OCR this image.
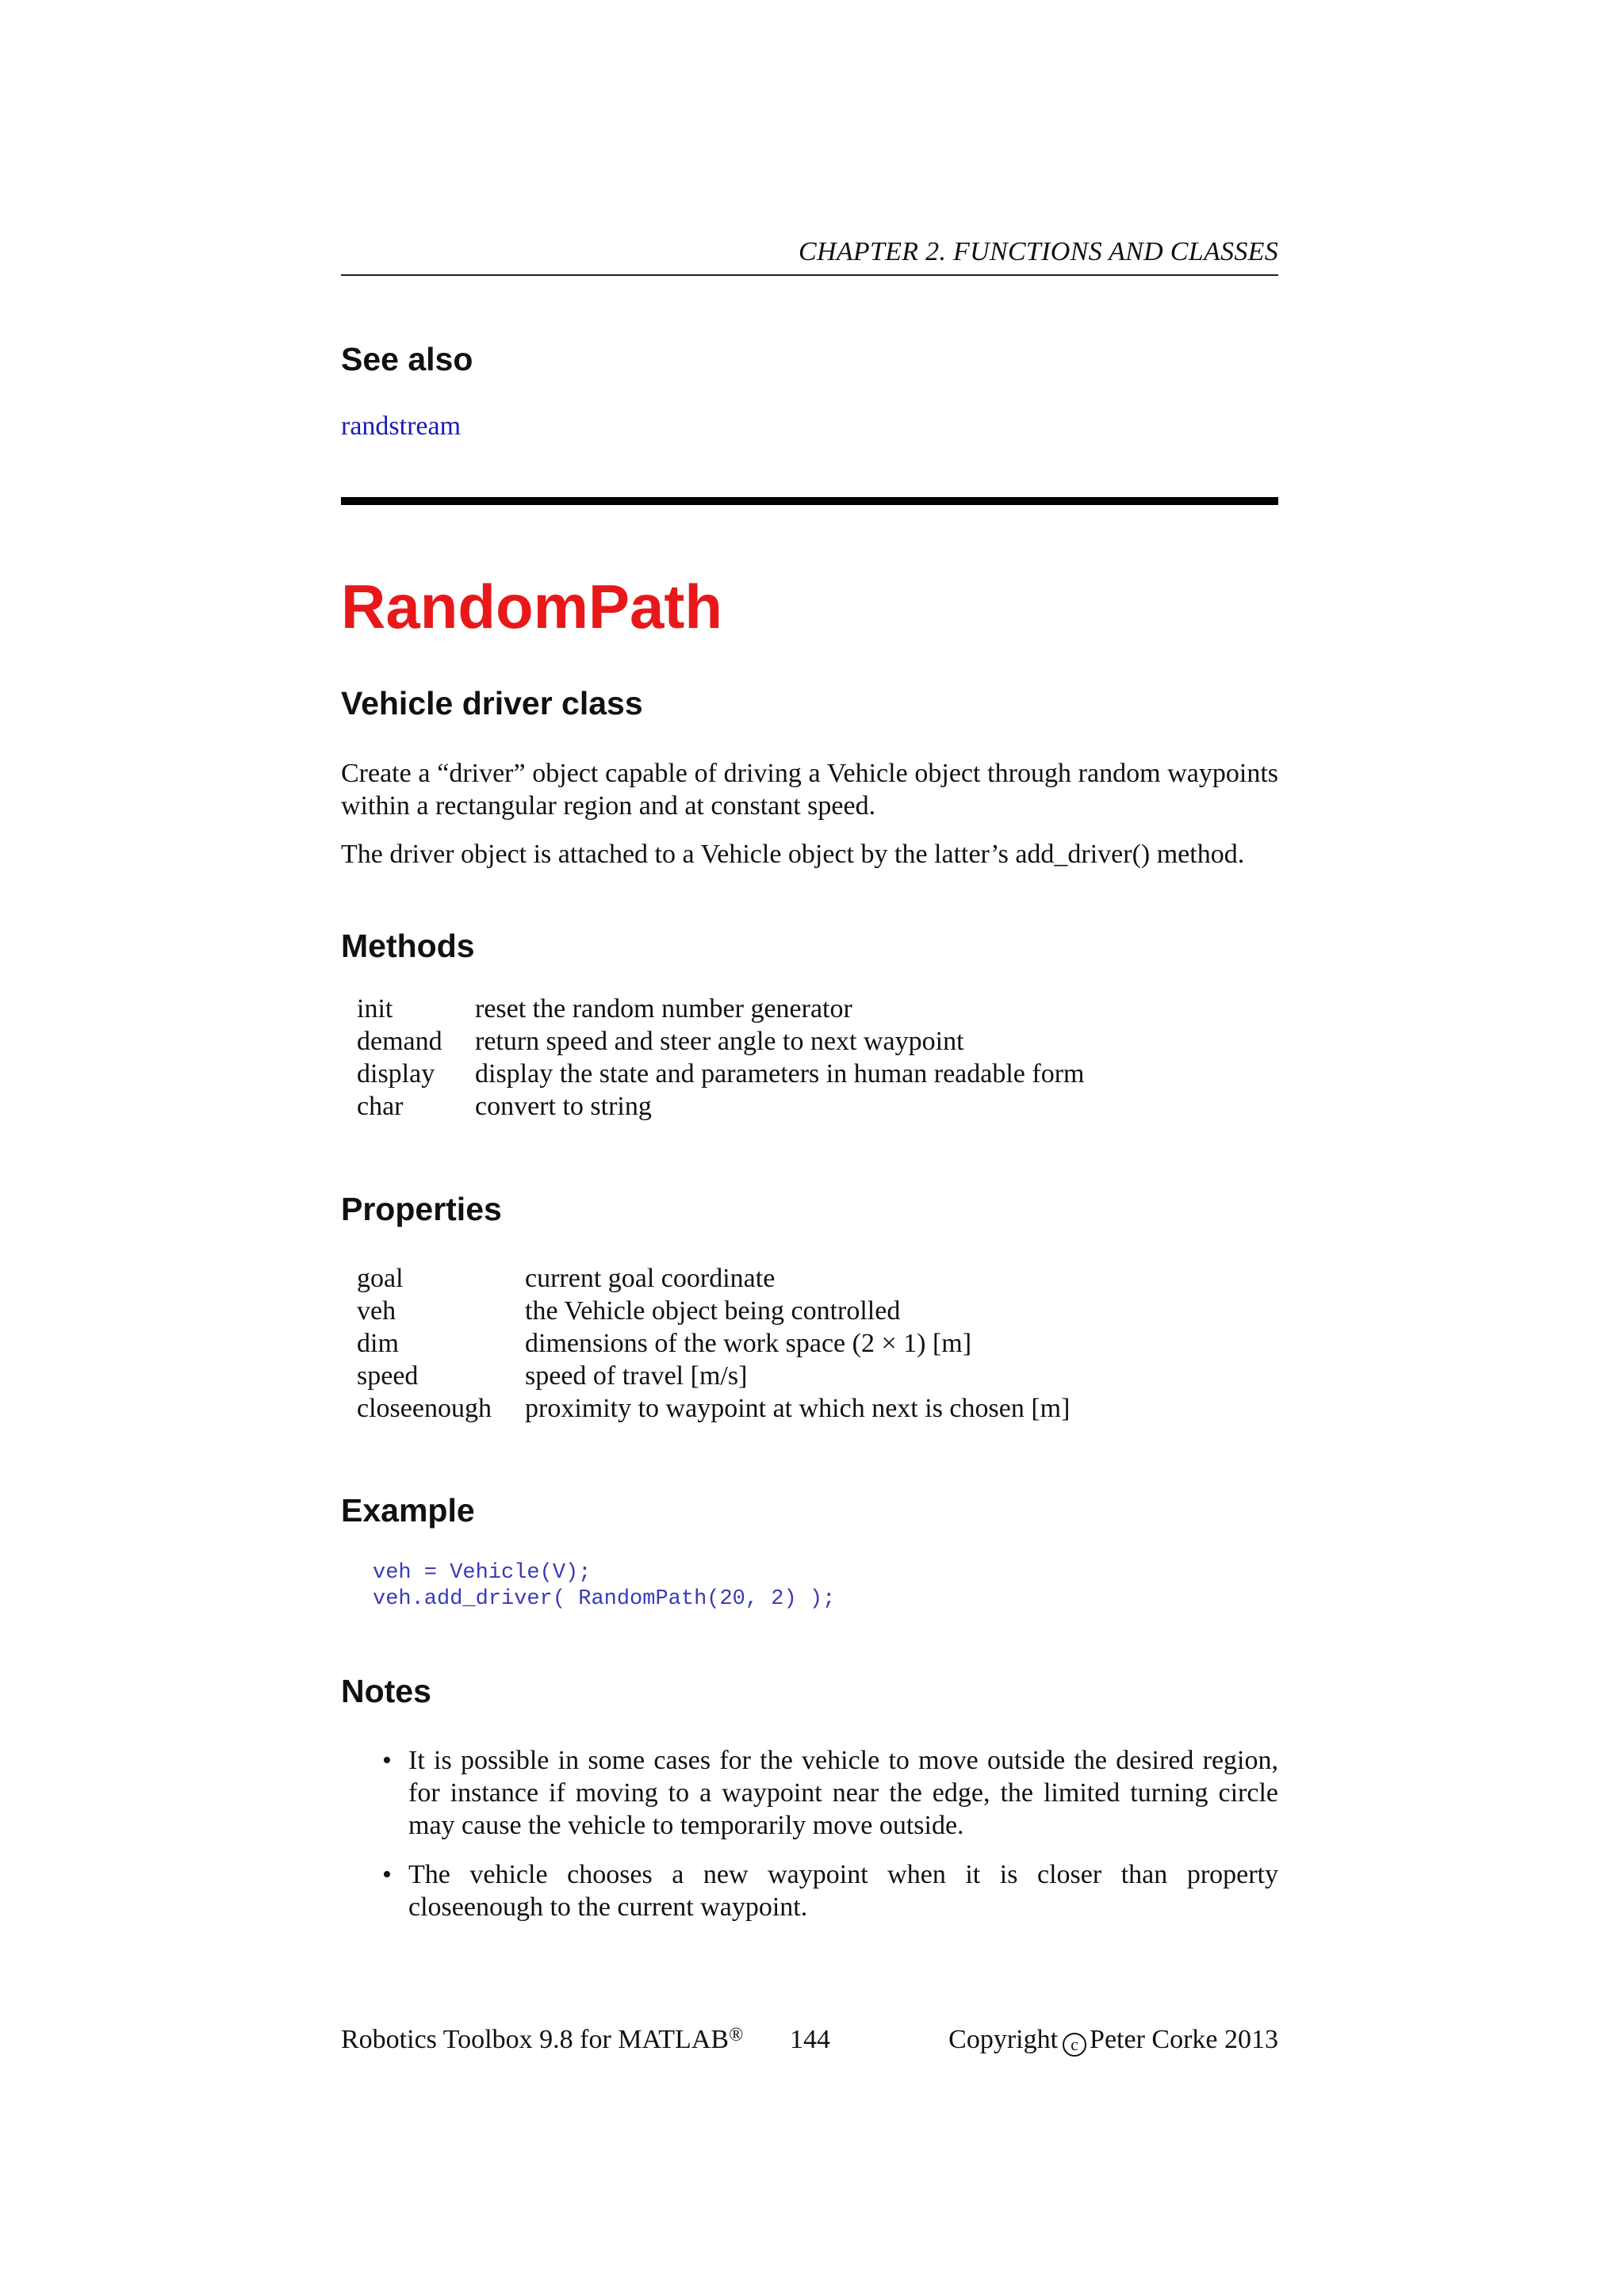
CHAPTER 2. FUNCTIONS AND CLASSES
See also
randstream
RandomPath
Vehicle driver class

Create a “driver” object capable of driving a Vehicle object through random waypoints within a rectangular region and at constant speed.

The driver object is attached to a Vehicle object by the latter’s add_driver() method.

Methods
init	reset the random number generator
demand	return speed and steer angle to next waypoint
display	display the state and parameters in human readable form
char	convert to string
Properties
goal	current goal coordinate
veh	the Vehicle object being controlled
dim	dimensions of the work space (2 × 1) [m]
speed	speed of travel [m/s]
closeenough	proximity to waypoint at which next is chosen [m]
Example
veh = Vehicle(V);
veh.add_driver( RandomPath(20, 2) );
Notes
• It is possible in some cases for the vehicle to move outside the desired region, for instance if moving to a waypoint near the edge, the limited turning circle may cause the vehicle to temporarily move outside.
• The vehicle chooses a new waypoint when it is closer than property closeenough to the current waypoint.
Robotics Toolbox 9.8 for MATLAB® 144	Copyright c Peter Corke 2013
